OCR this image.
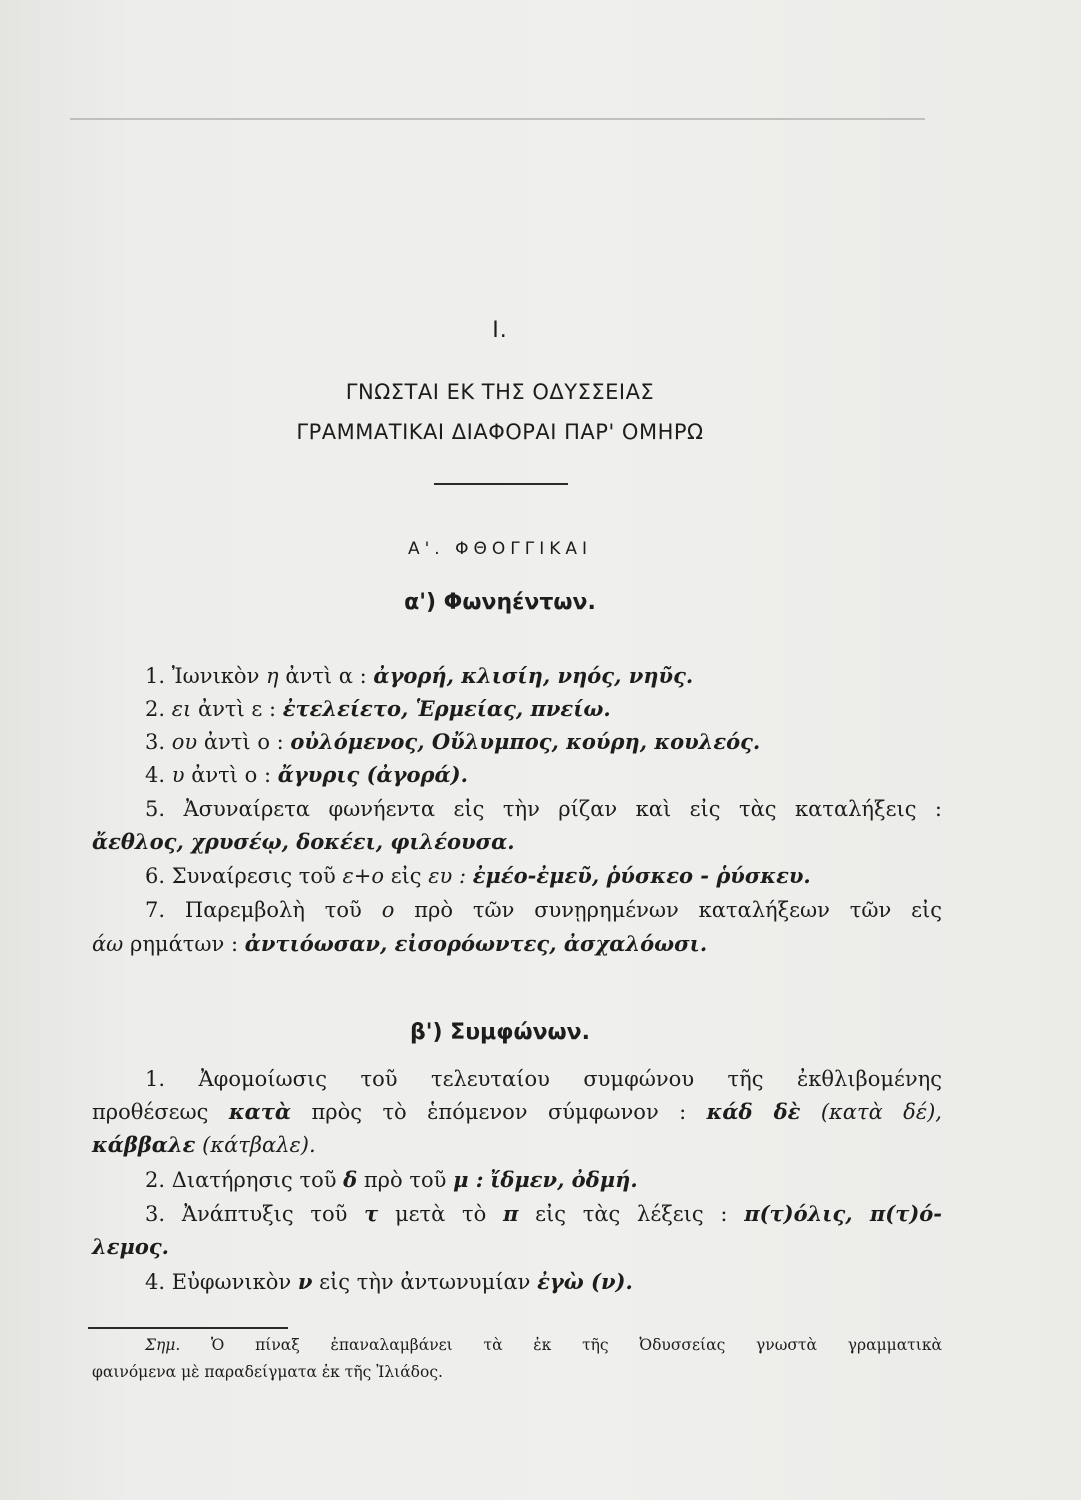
I.
ΓΝΩΣΤΑΙ ΕΚ ΤΗΣ ΟΔΥΣΣΕΙΑΣ
ΓΡΑΜΜΑΤΙΚΑΙ ΔΙΑΦΟΡΑΙ ΠΑΡ' ΟΜΗΡΩ
Α'. ΦΘΟΓΓΙΚΑΙ
α') Φωνηέντων.
1. Ἰωνικὸν η ἀντὶ α : ἀγορή, κλισίη, νηός, νηῦς.
2. ει ἀντὶ ε : ἐτελείετο, Ἑρμείας, πνείω.
3. ου ἀντὶ ο : οὐλόμενος, Οὔλυμπος, κούρη, κουλεός.
4. υ ἀντὶ ο : ἄγυρις (ἀγορά).
5. Ἀσυναίρετα φωνήεντα εἰς τὴν ρίζαν καὶ εἰς τὰς καταλήξεις :
ἄεθλος, χρυσέῳ, δοκέει, φιλέουσα.
6. Συναίρεσις τοῦ ε+ο εἰς ευ : ἐμέο-ἐμεῦ, ῥύσκεο - ῥύσκευ.
7. Παρεμβολὴ τοῦ ο πρὸ τῶν συνῃρημένων καταλήξεων τῶν εἰς
άω ρημάτων : ἀντιόωσαν, εἰσορόωντες, ἀσχαλόωσι.
β') Συμφώνων.
1. Ἀφομοίωσις τοῦ τελευταίου συμφώνου τῆς ἐκθλιβομένης
προθέσεως κατὰ πρὸς τὸ ἑπόμενον σύμφωνον : κάδ δὲ (κατὰ δέ),
κάββαλε (κάτβαλε).
2. Διατήρησις τοῦ δ πρὸ τοῦ μ : ἴδμεν, ὀδμή.
3. Ἀνάπτυξις τοῦ τ μετὰ τὸ π εἰς τὰς λέξεις : π(τ)όλις, π(τ)ό-
λεμος.
4. Εὐφωνικὸν ν εἰς τὴν ἀντωνυμίαν ἐγὼ (ν).
Σημ. Ὁ πίναξ ἐπαναλαμβάνει τὰ ἐκ τῆς Ὀδυσσείας γνωστὰ γραμματικὰ
φαινόμενα μὲ παραδείγματα ἐκ τῆς Ἰλιάδος.
